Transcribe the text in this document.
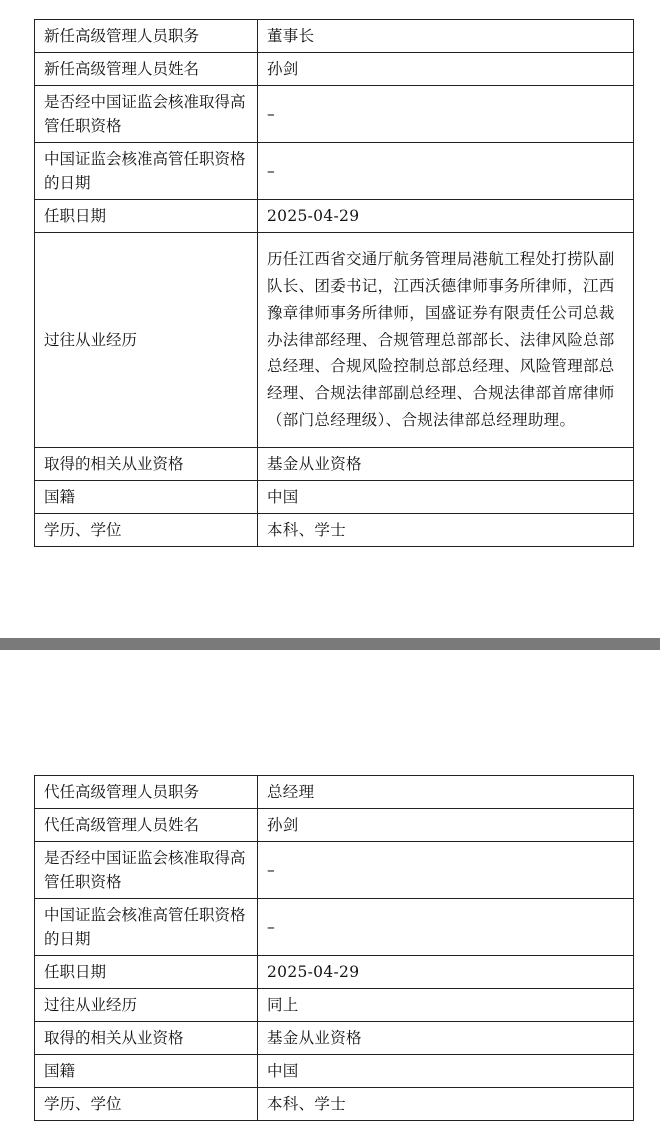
新任高级管理人员职务	董事长
新任高级管理人员姓名	孙剑
是否经中国证监会核准取得高管任职资格	–
中国证监会核准高管任职资格的日期	–
任职日期	2025-04-29
过往从业经历	历任江西省交通厅航务管理局港航工程处打捞队副队长、团委书记，江西沃德律师事务所律师，江西豫章律师事务所律师，国盛证券有限责任公司总裁办法律部经理、合规管理总部部长、法律风险总部总经理、合规风险控制总部总经理、风险管理部总经理、合规法律部副总经理、合规法律部首席律师（部门总经理级）、合规法律部总经理助理。
取得的相关从业资格	基金从业资格
国籍	中国
学历、学位	本科、学士
代任高级管理人员职务	总经理
代任高级管理人员姓名	孙剑
是否经中国证监会核准取得高管任职资格	–
中国证监会核准高管任职资格的日期	–
任职日期	2025-04-29
过往从业经历	同上
取得的相关从业资格	基金从业资格
国籍	中国
学历、学位	本科、学士
